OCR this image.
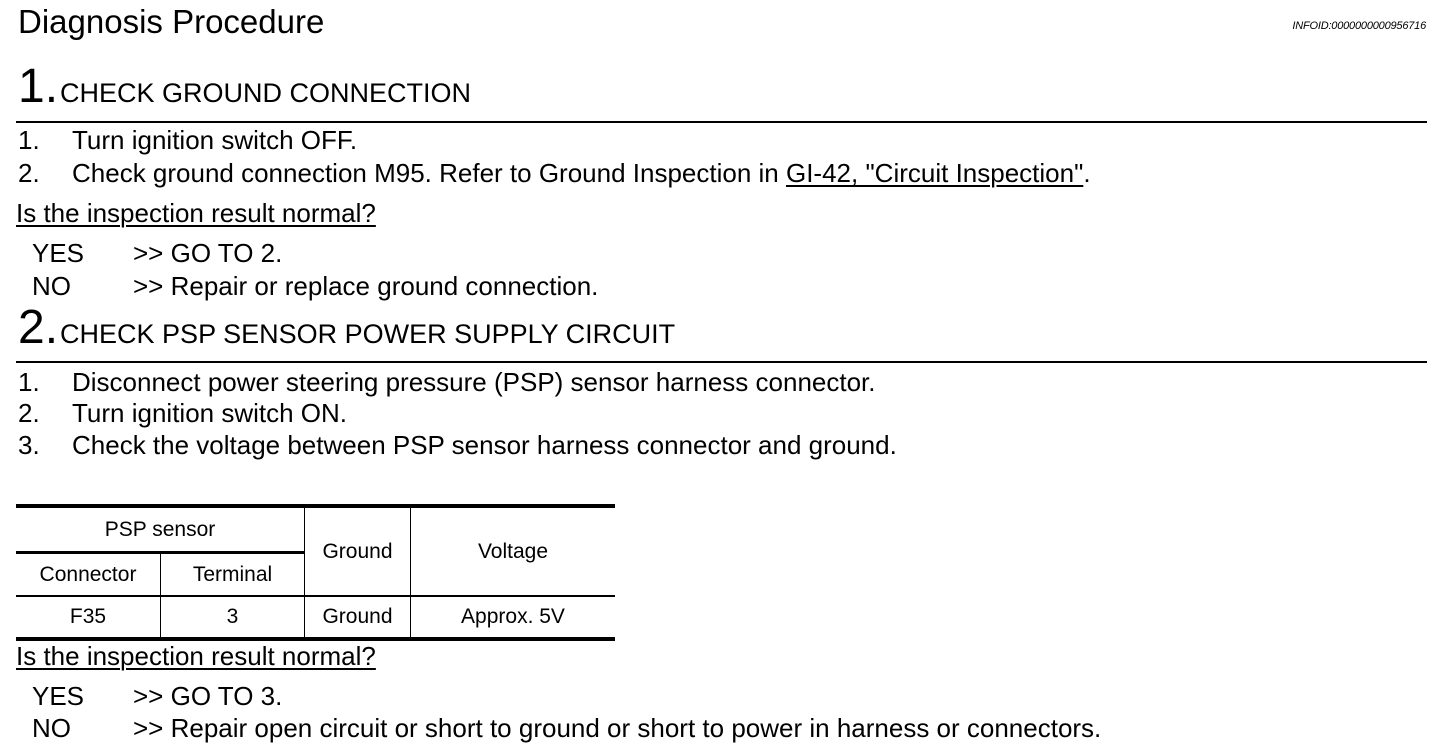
Diagnosis Procedure	INFOID:0000000000956716
1.CHECK GROUND CONNECTION
1. Turn ignition switch OFF.
2. Check ground connection M95. Refer to Ground Inspection in GI-42, "Circuit Inspection".
Is the inspection result normal?
YES >> GO TO 2.
NO >> Repair or replace ground connection.
2.CHECK PSP SENSOR POWER SUPPLY CIRCUIT
1. Disconnect power steering pressure (PSP) sensor harness connector.
2. Turn ignition switch ON.
3. Check the voltage between PSP sensor harness connector and ground.
PSP sensor		Ground	Voltage
Connector	Terminal		
F35	3	Ground	Approx. 5V
Is the inspection result normal?
YES >> GO TO 3.
NO >> Repair open circuit or short to ground or short to power in harness or connectors.
